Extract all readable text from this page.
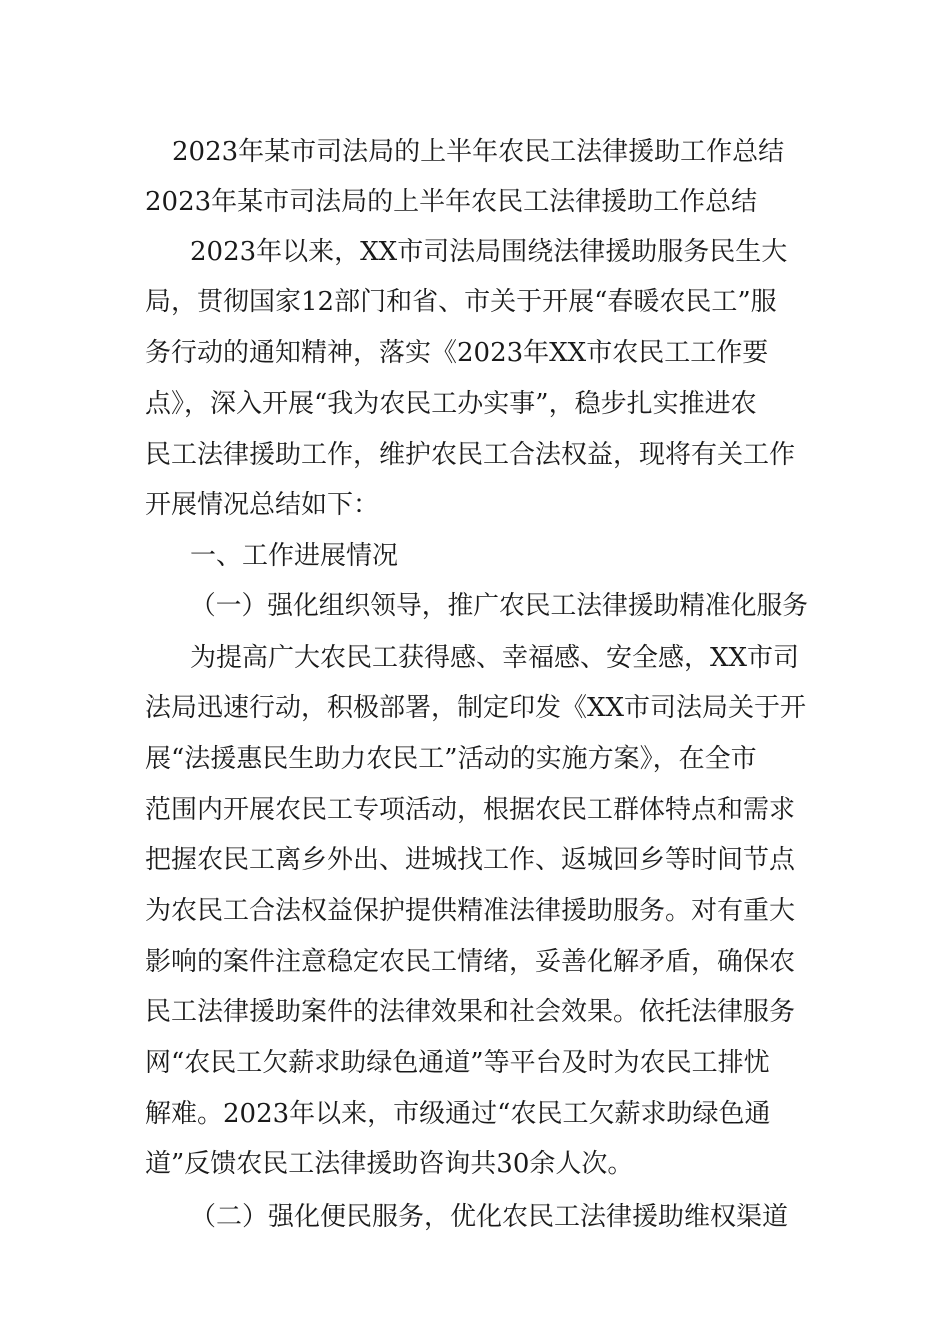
2023年某市司法局的上半年农民工法律援助工作总结
2023年某市司法局的上半年农民工法律援助工作总结
2023年以来，XX市司法局围绕法律援助服务民生大
局，贯彻国家12部门和省、市关于开展“春暖农民工”服
务行动的通知精神，落实《2023年XX市农民工工作要
点》，深入开展“我为农民工办实事”，稳步扎实推进农
民工法律援助工作，维护农民工合法权益，现将有关工作
开展情况总结如下：
一、工作进展情况
（一）强化组织领导，推广农民工法律援助精准化服务
为提高广大农民工获得感、幸福感、安全感，XX市司
法局迅速行动，积极部署，制定印发《XX市司法局关于开
展“法援惠民生助力农民工”活动的实施方案》，在全市
范围内开展农民工专项活动，根据农民工群体特点和需求
把握农民工离乡外出、进城找工作、返城回乡等时间节点
为农民工合法权益保护提供精准法律援助服务。对有重大
影响的案件注意稳定农民工情绪，妥善化解矛盾，确保农
民工法律援助案件的法律效果和社会效果。依托法律服务
网“农民工欠薪求助绿色通道”等平台及时为农民工排忧
解难。2023年以来，市级通过“农民工欠薪求助绿色通
道”反馈农民工法律援助咨询共30余人次。
（二）强化便民服务，优化农民工法律援助维权渠道
